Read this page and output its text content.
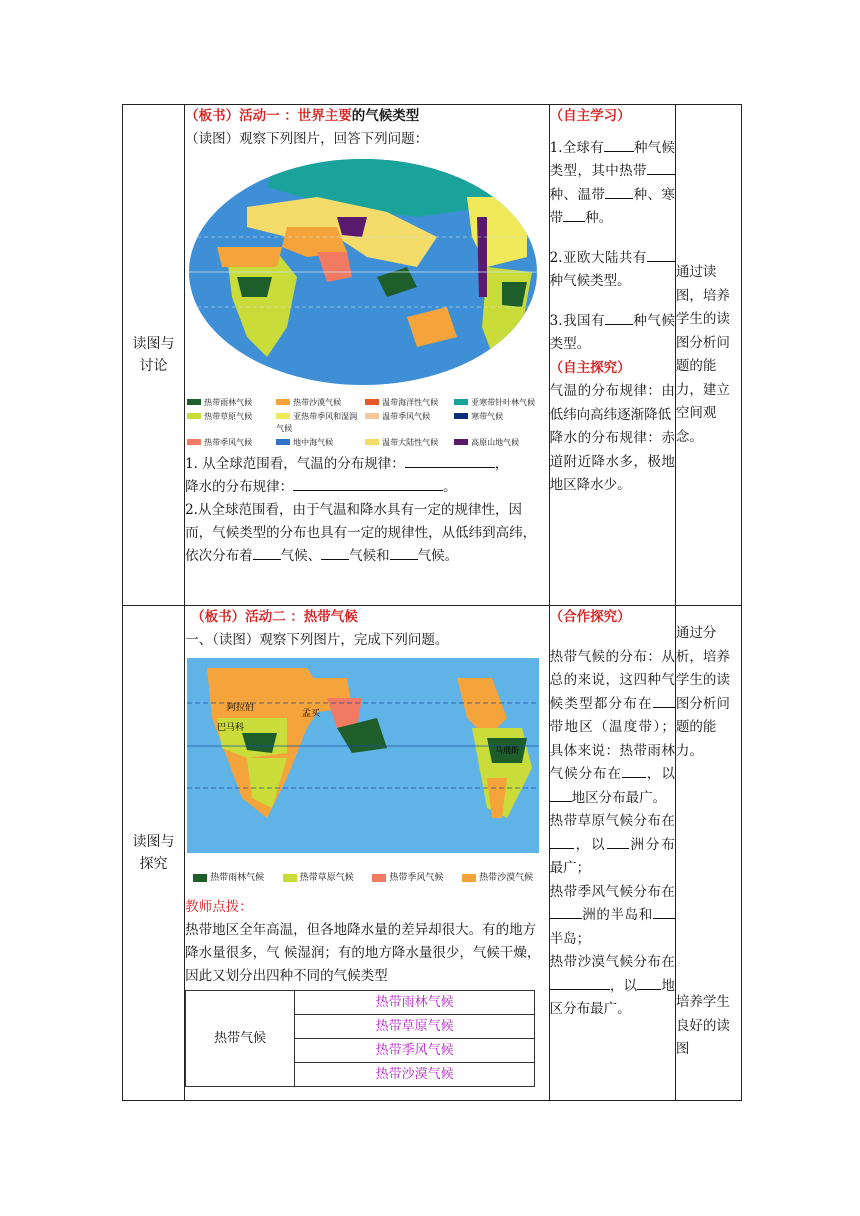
读图与讨论

（板书）活动一 ：世界主要的气候类型
（读图）观察下列图片，回答下列问题：
热带雨林气候	热带沙漠气候	温带海洋性气候	亚寒带针叶林气候
热带草原气候	亚热带季风和湿润气候
温带季风气候	寒带气候
热带季风气候	地中海气候	温带大陆性气候	高原山地气候
1. 从全球范围看，气温的分布规律：	，
降水的分布规律：	。
2.从全球范围看，由于气温和降水具有一定的规律性，因而，气候类型的分布也具有一定的规律性，从低纬到高纬，依次分布着 气候、 气候和 气候。

（自主学习）
1.全球有 种气候类型，其中热带种、温带 种、寒带 种。
2.亚欧大陆共有种气候类型。
3.我国有 种气候类型。
（自主探究）
气温的分布规律：由低纬向高纬逐渐降低
降水的分布规律：赤道附近降水多，极地地区降水少。

通过读图，培养学生的读图分析问题的能力，建立空间观念。

读图与探究

（板书）活动二 ：热带气候
一、（读图）观察下列图片，完成下列问题。
阿拉伯
巴马科
孟买
马瑙斯
热带雨林气候	热带草原气候	热带季风气候	热带沙漠气候
教师点拨：
热带地区全年高温，但各地降水量的差异却很大。有的地方降水量很多，气 候湿润；有的地方降水量很少，气候干燥，因此又划分出四种不同的气候类型
热带气候	热带雨林气候
热带草原气候
热带季风气候
热带沙漠气候

（合作探究）
热带气候的分布：从总的来说，这四种气候类型都分布在带地区（温度带）；具体来说：热带雨林气候分布在 ，以地区分布最广。
热带草原气候分布在，以 洲分布最广；
热带季风气候分布在洲的半岛和半岛；
热带沙漠气候分布在，以 地区分布最广。

通过分析，培养学生的读图分析问题的能力。
培养学生良好的读图
